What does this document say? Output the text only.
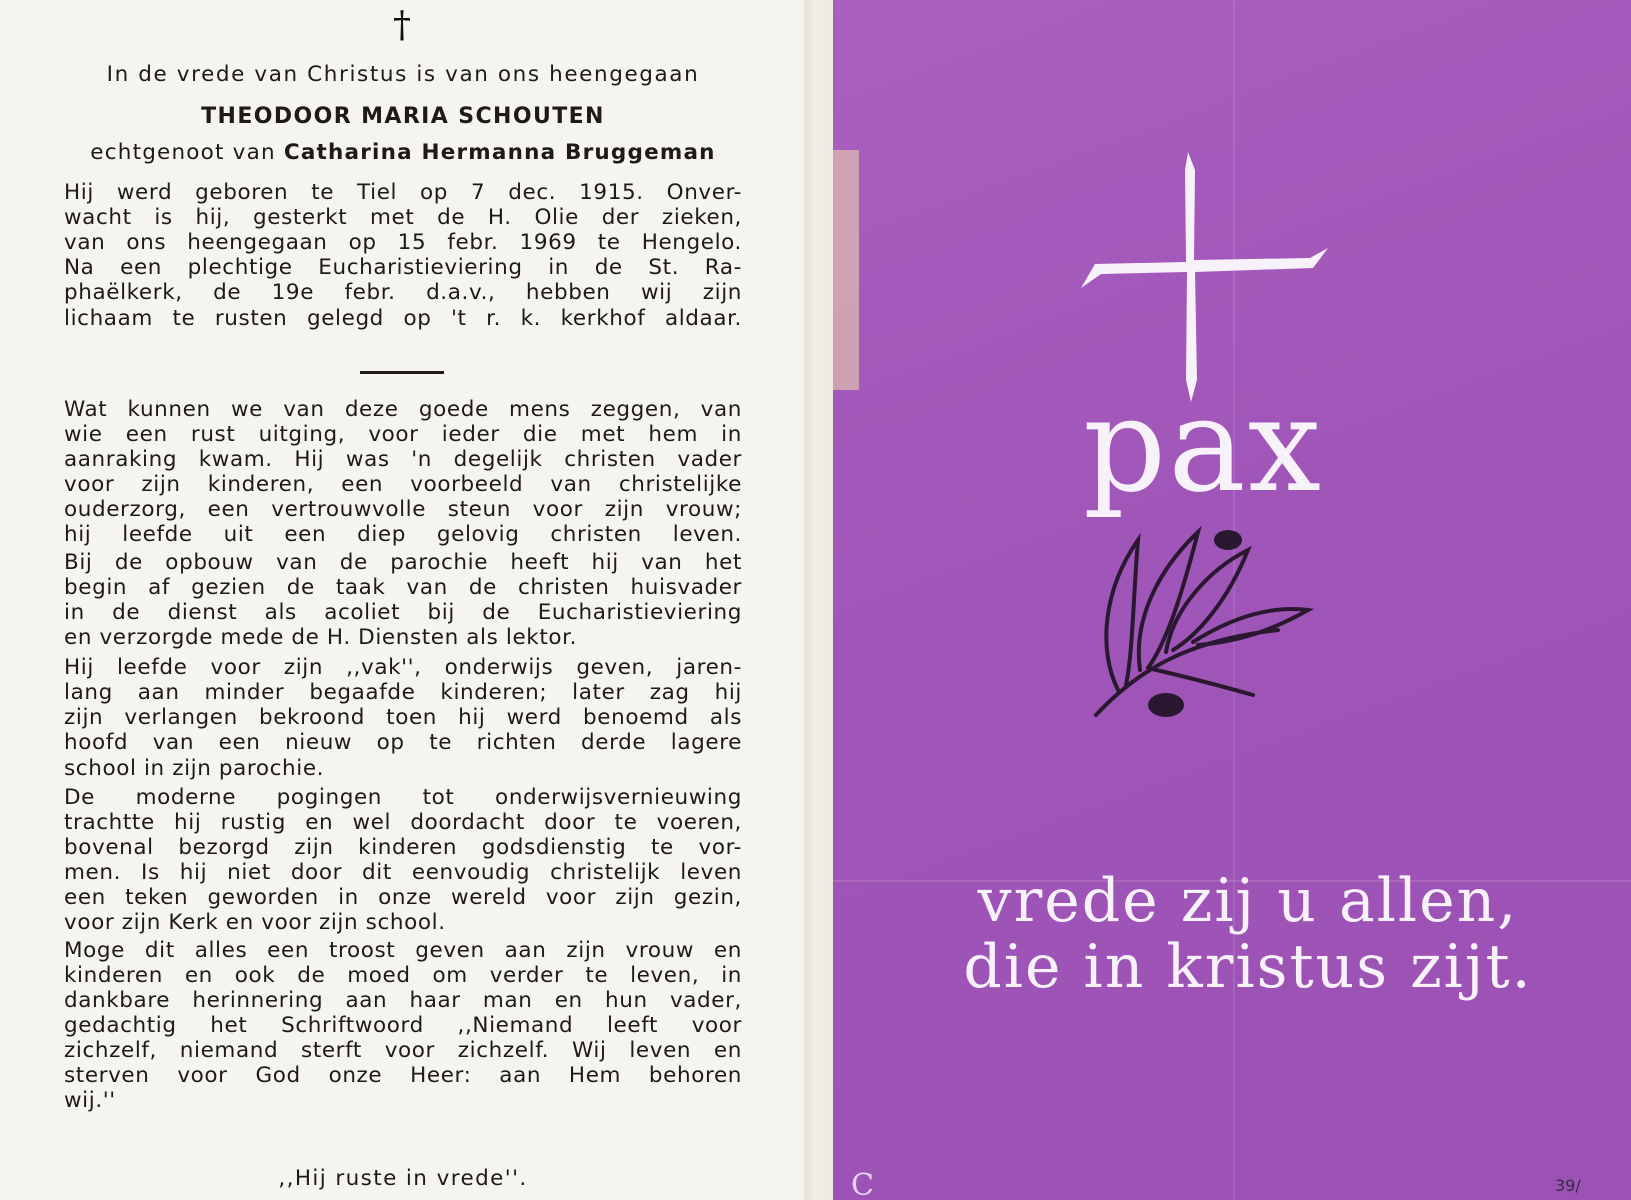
†
In de vrede van Christus is van ons heengegaan
THEODOOR MARIA SCHOUTEN
echtgenoot van Catharina Hermanna Bruggeman
Hij werd geboren te Tiel op 7 dec. 1915. Onver-
wacht is hij, gesterkt met de H. Olie der zieken,
van ons heengegaan op 15 febr. 1969 te Hengelo.
Na een plechtige Eucharistieviering in de St. Ra-
phaëlkerk, de 19e febr. d.a.v., hebben wij zijn
lichaam te rusten gelegd op 't r. k. kerkhof aldaar.
Wat kunnen we van deze goede mens zeggen, van
wie een rust uitging, voor ieder die met hem in
aanraking kwam. Hij was 'n degelijk christen vader
voor zijn kinderen, een voorbeeld van christelijke
ouderzorg, een vertrouwvolle steun voor zijn vrouw;
hij leefde uit een diep gelovig christen leven.
Bij de opbouw van de parochie heeft hij van het
begin af gezien de taak van de christen huisvader
in de dienst als acoliet bij de Eucharistieviering
en verzorgde mede de H. Diensten als lektor.
Hij leefde voor zijn ,,vak'', onderwijs geven, jaren-
lang aan minder begaafde kinderen; later zag hij
zijn verlangen bekroond toen hij werd benoemd als
hoofd van een nieuw op te richten derde lagere
school in zijn parochie.
De moderne pogingen tot onderwijsvernieuwing
trachtte hij rustig en wel doordacht door te voeren,
bovenal bezorgd zijn kinderen godsdienstig te vor-
men. Is hij niet door dit eenvoudig christelijk leven
een teken geworden in onze wereld voor zijn gezin,
voor zijn Kerk en voor zijn school.
Moge dit alles een troost geven aan zijn vrouw en
kinderen en ook de moed om verder te leven, in
dankbare herinnering aan haar man en hun vader,
gedachtig het Schriftwoord ,,Niemand leeft voor
zichzelf, niemand sterft voor zichzelf. Wij leven en
sterven voor God onze Heer: aan Hem behoren
wij.''
,,Hij ruste in vrede''.
pax
vrede zij u allen,
die in kristus zijt.
C	39/
